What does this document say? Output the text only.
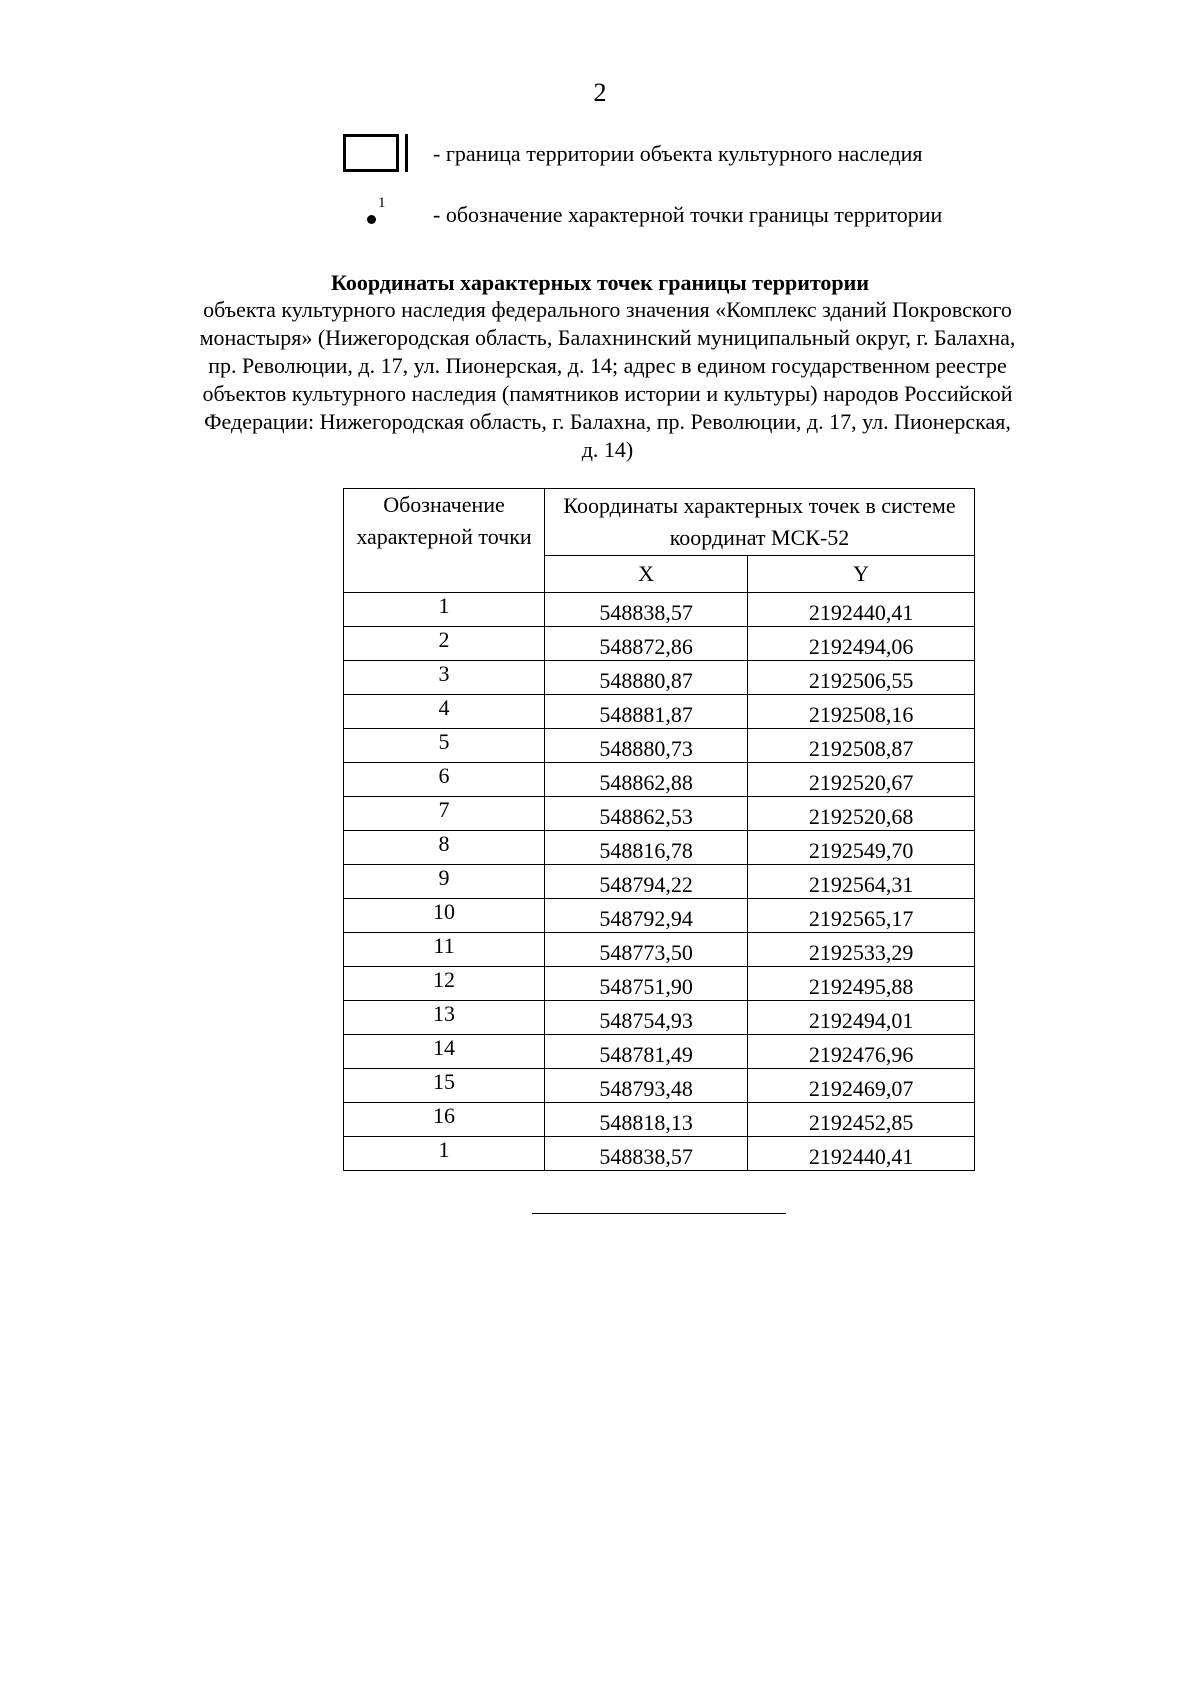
2
- граница территории объекта культурного наследия
1 - обозначение характерной точки границы территории
Координаты характерных точек границы территории
объекта культурного наследия федерального значения «Комплекс зданий Покровского монастыря» (Нижегородская область, Балахнинский муниципальный округ, г. Балахна, пр. Революции, д. 17, ул. Пионерская, д. 14; адрес в едином государственном реестре объектов культурного наследия (памятников истории и культуры) народов Российской Федерации: Нижегородская область, г. Балахна, пр. Революции, д. 17, ул. Пионерская, д. 14)
Обозначение характерной точки	Координаты характерных точек в системе координат МСК-52	
	X	Y
1	548838,57	2192440,41
2	548872,86	2192494,06
3	548880,87	2192506,55
4	548881,87	2192508,16
5	548880,73	2192508,87
6	548862,88	2192520,67
7	548862,53	2192520,68
8	548816,78	2192549,70
9	548794,22	2192564,31
10	548792,94	2192565,17
11	548773,50	2192533,29
12	548751,90	2192495,88
13	548754,93	2192494,01
14	548781,49	2192476,96
15	548793,48	2192469,07
16	548818,13	2192452,85
1	548838,57	2192440,41
